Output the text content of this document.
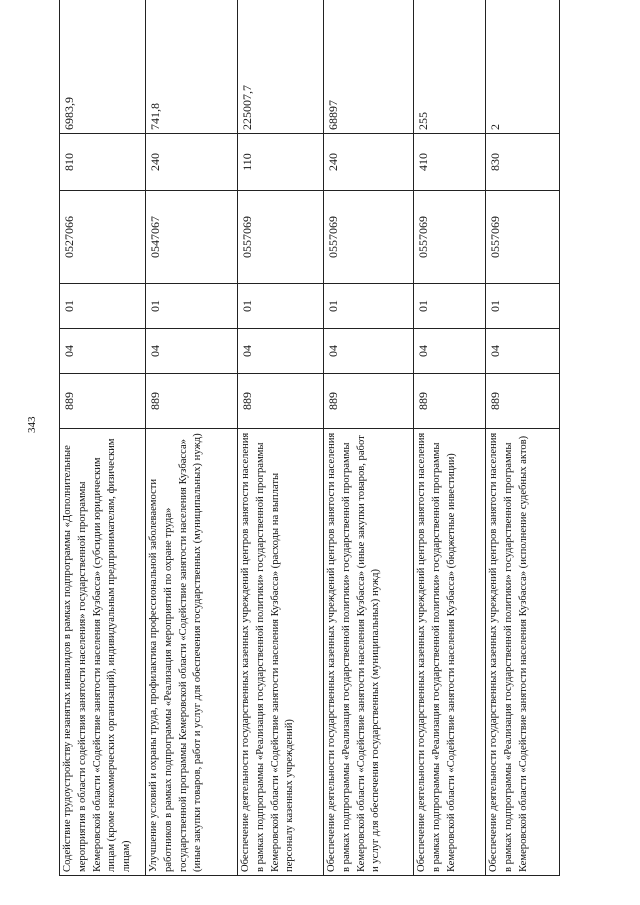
343
Содействие трудоустройству незанятых инвалидов в рамках подпрограммы «Дополнительные мероприятия в области содействия занятости населения» государственной программы Кемеровской области «Содействие занятости населения Кузбасса» (субсидии юридическим лицам (кроме некоммерческих организаций), индивидуальным предпринимателям, физическим лицам)	889	04	01	0527066	810	6983,9
Улучшение условий и охраны труда, профилактика профессиональной заболеваемости работников в рамках подпрограммы «Реализация мероприятий по охране труда» государственной программы Кемеровской области «Содействие занятости населения Кузбасса» (иные закупки товаров, работ и услуг для обеспечения государственных (муниципальных) нужд)	889	04	01	0547067	240	741,8
Обеспечение деятельности государственных казенных учреждений центров занятости населения в рамках подпрограммы «Реализация государственной политики» государственной программы Кемеровской области «Содействие занятости населения Кузбасса» (расходы на выплаты персоналу казенных учреждений)	889	04	01	0557069	110	225007,7
Обеспечение деятельности государственных казенных учреждений центров занятости населения в рамках подпрограммы «Реализация государственной политики» государственной программы Кемеровской области «Содействие занятости населения Кузбасса» (иные закупки товаров, работ и услуг для обеспечения государственных (муниципальных) нужд)	889	04	01	0557069	240	68897
Обеспечение деятельности государственных казенных учреждений центров занятости населения в рамках подпрограммы «Реализация государственной политики» государственной программы Кемеровской области «Содействие занятости населения Кузбасса» (бюджетные инвестиции)	889	04	01	0557069	410	255
Обеспечение деятельности государственных казенных учреждений центров занятости населения в рамках подпрограммы «Реализация государственной политики» государственной программы Кемеровской области «Содействие занятости населения Кузбасса» (исполнение судебных актов)	889	04	01	0557069	830	2
